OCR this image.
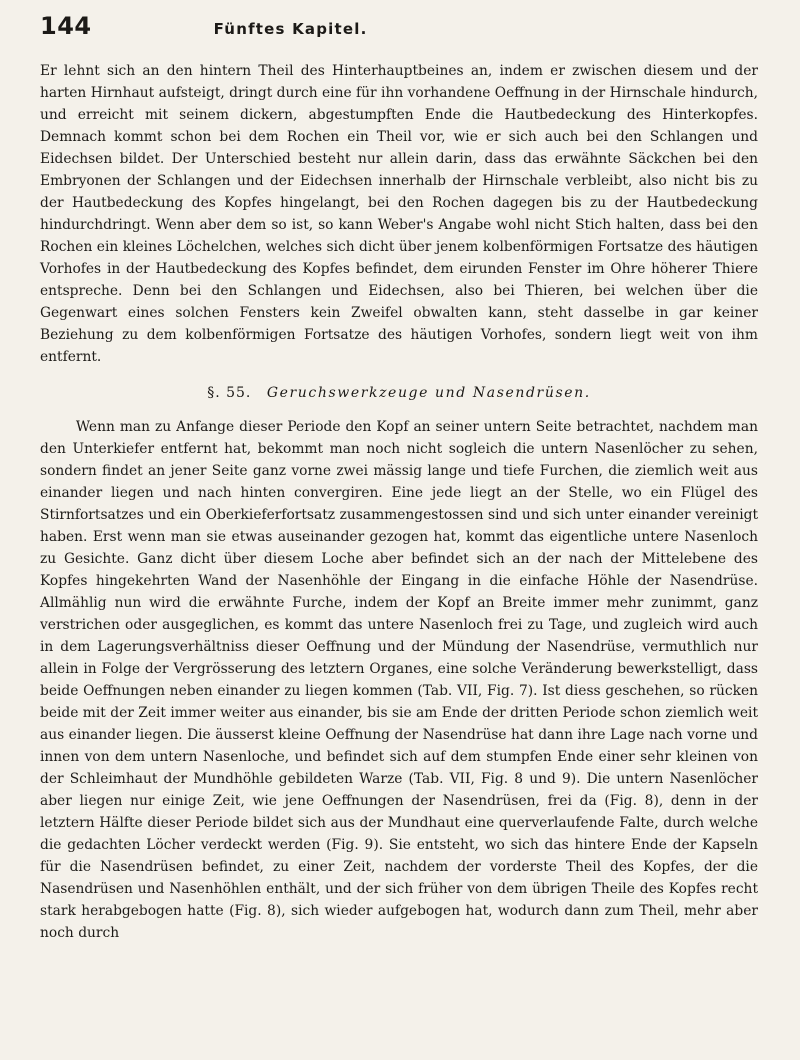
144	Fünftes Kapitel.

Er lehnt sich an den hintern Theil des Hinterhauptbeines an, indem er zwischen diesem und der harten Hirnhaut aufsteigt, dringt durch eine für ihn vorhandene Oeffnung in der Hirnschale hindurch, und erreicht mit seinem dickern, abgestumpften Ende die Hautbedeckung des Hinterkopfes. Demnach kommt schon bei dem Rochen ein Theil vor, wie er sich auch bei den Schlangen und Eidechsen bildet. Der Unterschied besteht nur allein darin, dass das erwähnte Säckchen bei den Embryonen der Schlangen und der Eidechsen innerhalb der Hirnschale verbleibt, also nicht bis zu der Hautbedeckung des Kopfes hingelangt, bei den Rochen dagegen bis zu der Hautbedeckung hindurchdringt. Wenn aber dem so ist, so kann Weber's Angabe wohl nicht Stich halten, dass bei den Rochen ein kleines Löchelchen, welches sich dicht über jenem kolbenförmigen Fortsatze des häutigen Vorhofes in der Hautbedeckung des Kopfes befindet, dem eirunden Fenster im Ohre höherer Thiere entspreche. Denn bei den Schlangen und Eidechsen, also bei Thieren, bei welchen über die Gegenwart eines solchen Fensters kein Zweifel obwalten kann, steht dasselbe in gar keiner Beziehung zu dem kolbenförmigen Fortsatze des häutigen Vorhofes, sondern liegt weit von ihm entfernt.

§. 55. Geruchswerkzeuge und Nasendrüsen.

Wenn man zu Anfange dieser Periode den Kopf an seiner untern Seite betrachtet, nachdem man den Unterkiefer entfernt hat, bekommt man noch nicht sogleich die untern Nasenlöcher zu sehen, sondern findet an jener Seite ganz vorne zwei mässig lange und tiefe Furchen, die ziemlich weit aus einander liegen und nach hinten convergiren. Eine jede liegt an der Stelle, wo ein Flügel des Stirnfortsatzes und ein Oberkieferfortsatz zusammengestossen sind und sich unter einander vereinigt haben. Erst wenn man sie etwas auseinander gezogen hat, kommt das eigentliche untere Nasenloch zu Gesichte. Ganz dicht über diesem Loche aber befindet sich an der nach der Mittelebene des Kopfes hingekehrten Wand der Nasenhöhle der Eingang in die einfache Höhle der Nasendrüse. Allmählig nun wird die erwähnte Furche, indem der Kopf an Breite immer mehr zunimmt, ganz verstrichen oder ausgeglichen, es kommt das untere Nasenloch frei zu Tage, und zugleich wird auch in dem Lagerungsverhältniss dieser Oeffnung und der Mündung der Nasendrüse, vermuthlich nur allein in Folge der Vergrösserung des letztern Organes, eine solche Veränderung bewerkstelligt, dass beide Oeffnungen neben einander zu liegen kommen (Tab. VII, Fig. 7). Ist diess geschehen, so rücken beide mit der Zeit immer weiter aus einander, bis sie am Ende der dritten Periode schon ziemlich weit aus einander liegen. Die äusserst kleine Oeffnung der Nasendrüse hat dann ihre Lage nach vorne und innen von dem untern Nasenloche, und befindet sich auf dem stumpfen Ende einer sehr kleinen von der Schleimhaut der Mundhöhle gebildeten Warze (Tab. VII, Fig. 8 und 9). Die untern Nasenlöcher aber liegen nur einige Zeit, wie jene Oeffnungen der Nasendrüsen, frei da (Fig. 8), denn in der letztern Hälfte dieser Periode bildet sich aus der Mundhaut eine querverlaufende Falte, durch welche die gedachten Löcher verdeckt werden (Fig. 9). Sie entsteht, wo sich das hintere Ende der Kapseln für die Nasendrüsen befindet, zu einer Zeit, nachdem der vorderste Theil des Kopfes, der die Nasendrüsen und Nasenhöhlen enthält, und der sich früher von dem übrigen Theile des Kopfes recht stark herabgebogen hatte (Fig. 8), sich wieder aufgebogen hat, wodurch dann zum Theil, mehr aber noch durch
